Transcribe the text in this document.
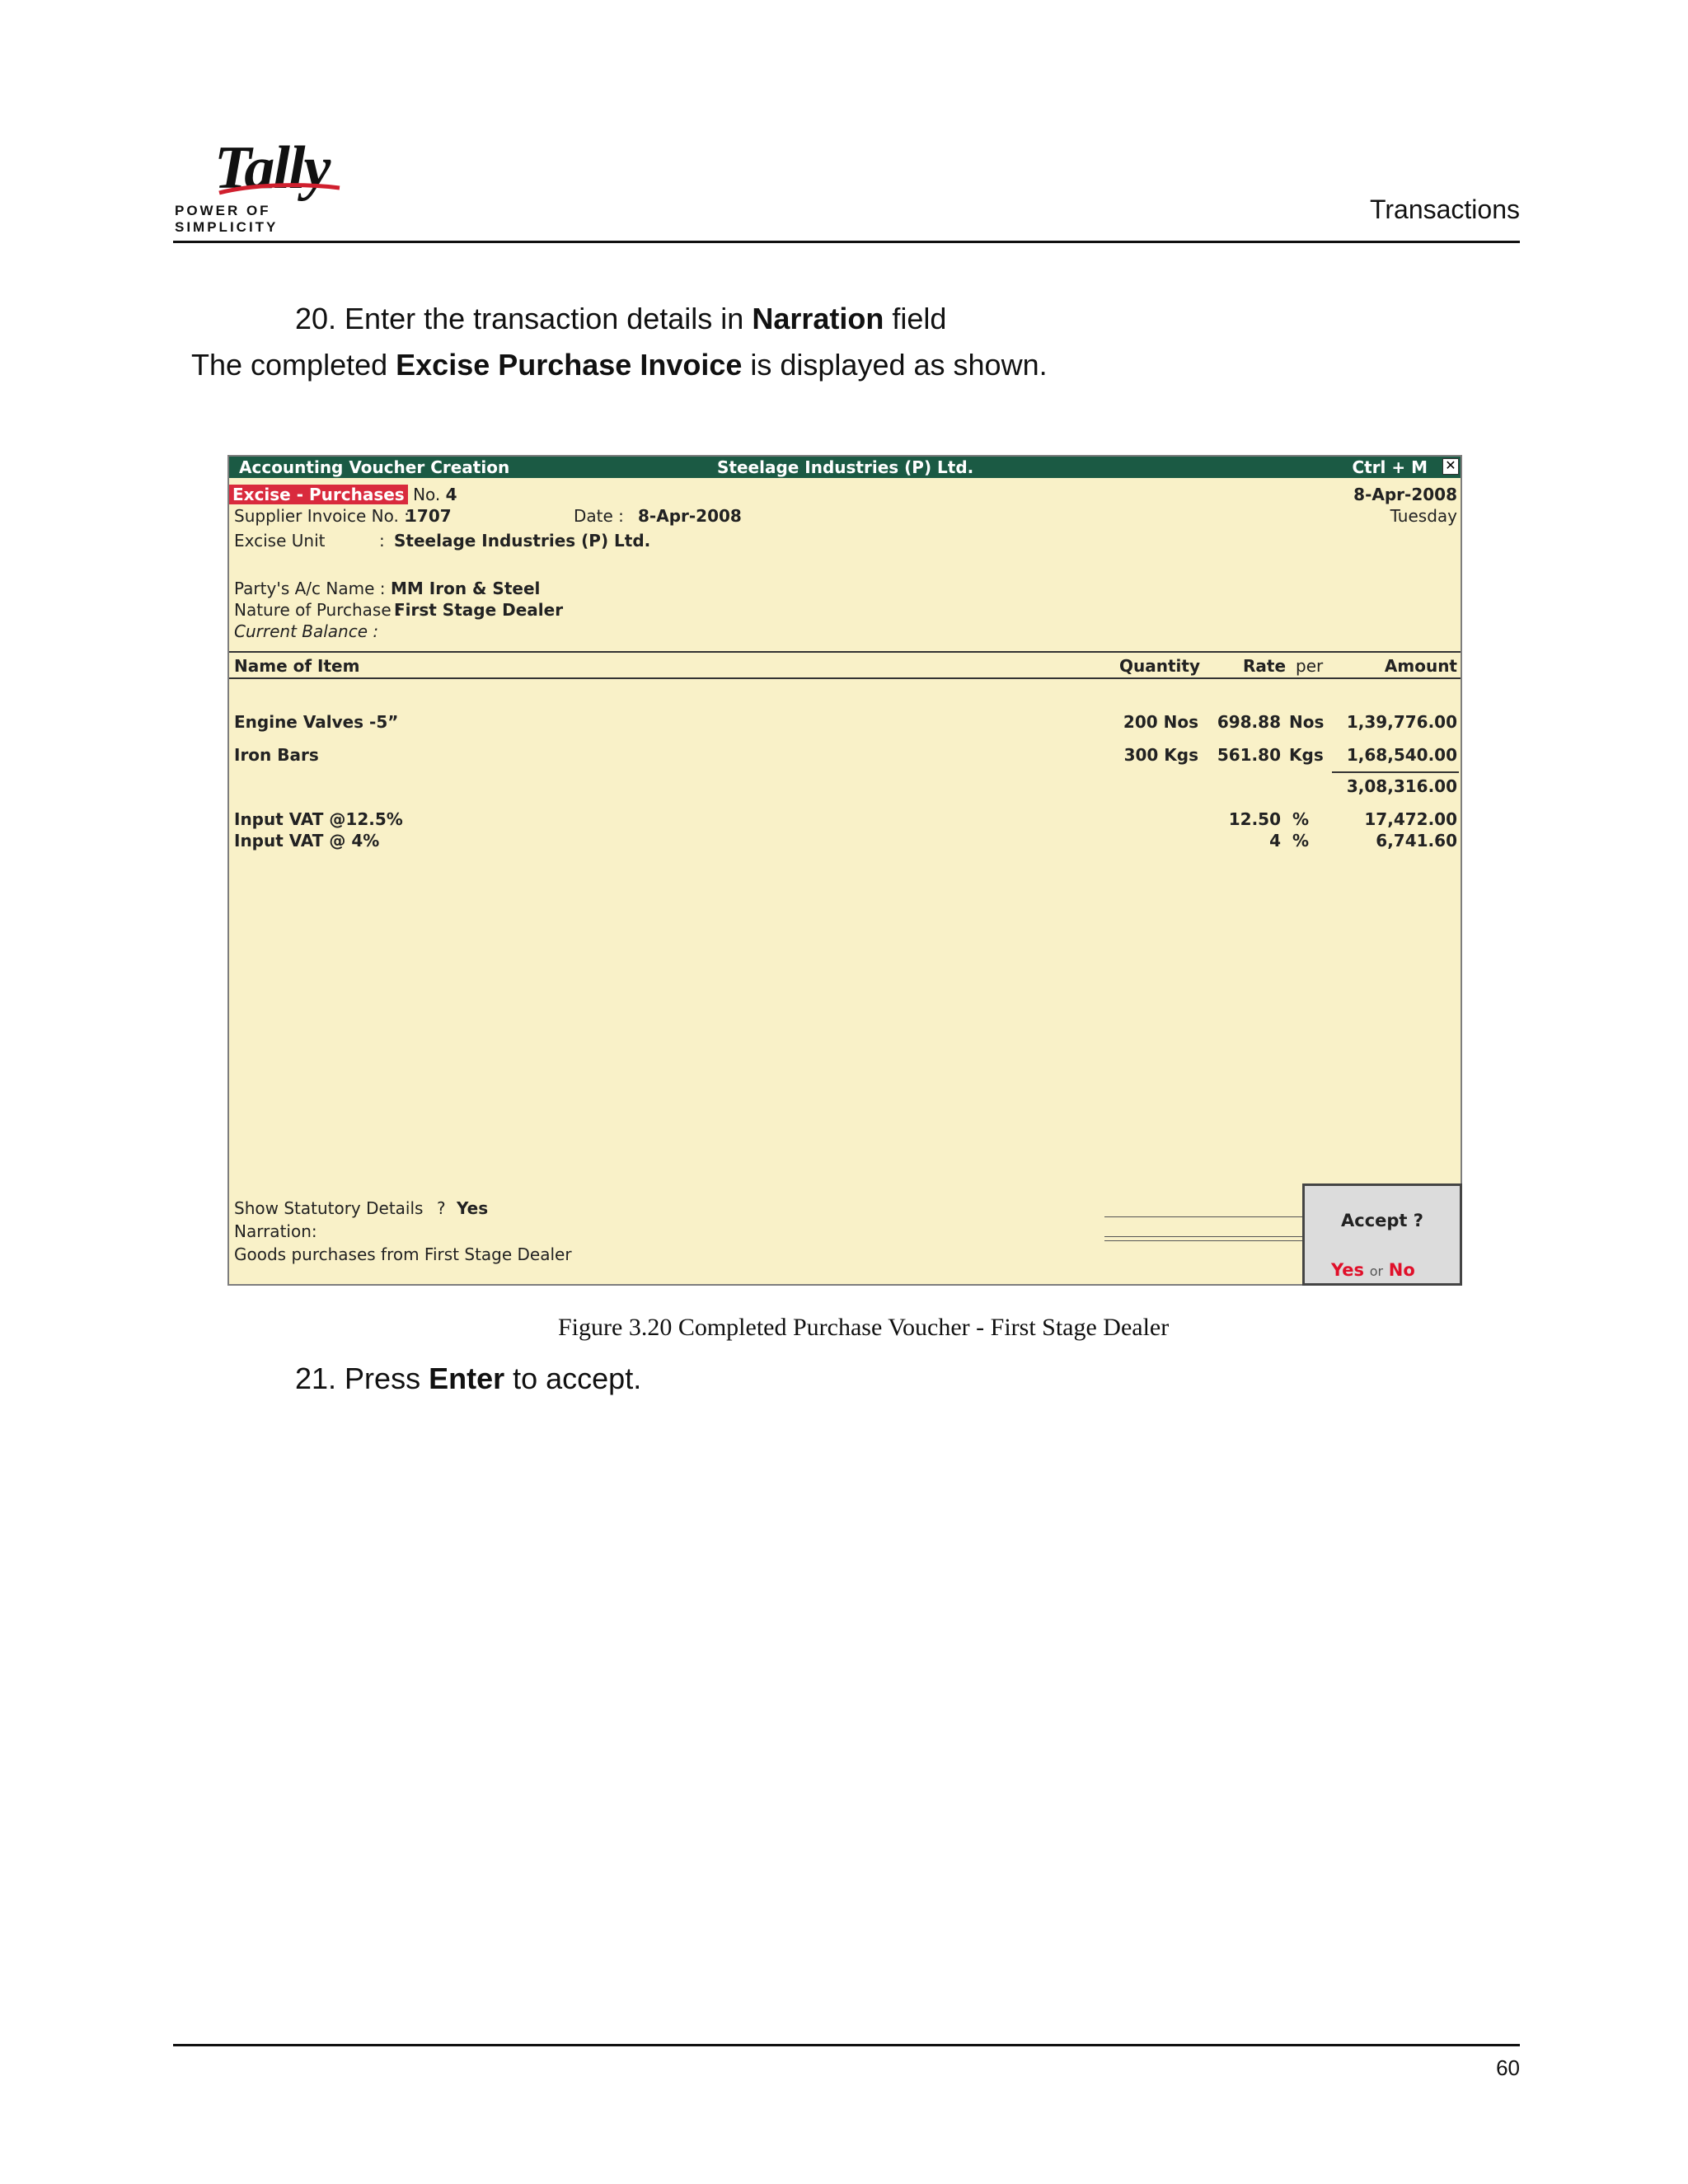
Tally
POWER OF SIMPLICITY
Transactions
20. Enter the transaction details in Narration field
The completed Excise Purchase Invoice is displayed as shown.
Accounting Voucher Creation	Steelage Industries (P) Ltd.	Ctrl + M ✕
Excise - Purchases No. 4	8-Apr-2008
Tuesday
Supplier Invoice No. :
1707	Date : 8-Apr-2008
Excise Unit	: Steelage Industries (P) Ltd.
Party's A/c Name : MM Iron & Steel
Nature of Purchase :
First Stage Dealer
Current Balance :
Name of Item	Quantity	Rate per	Amount
Engine Valves -5”	200 Nos 698.88 Nos 1,39,776.00
Iron Bars	300 Kgs 561.80 Kgs 1,68,540.00
3,08,316.00
Input VAT @12.5%	12.50 %	17,472.00
Input VAT @ 4%	4 %	6,741.60
Show Statutory Details ? Yes
Narration:
Goods purchases from First Stage Dealer
Accept ?
Yes or No
Figure 3.20 Completed Purchase Voucher - First Stage Dealer
21. Press Enter to accept.
60
